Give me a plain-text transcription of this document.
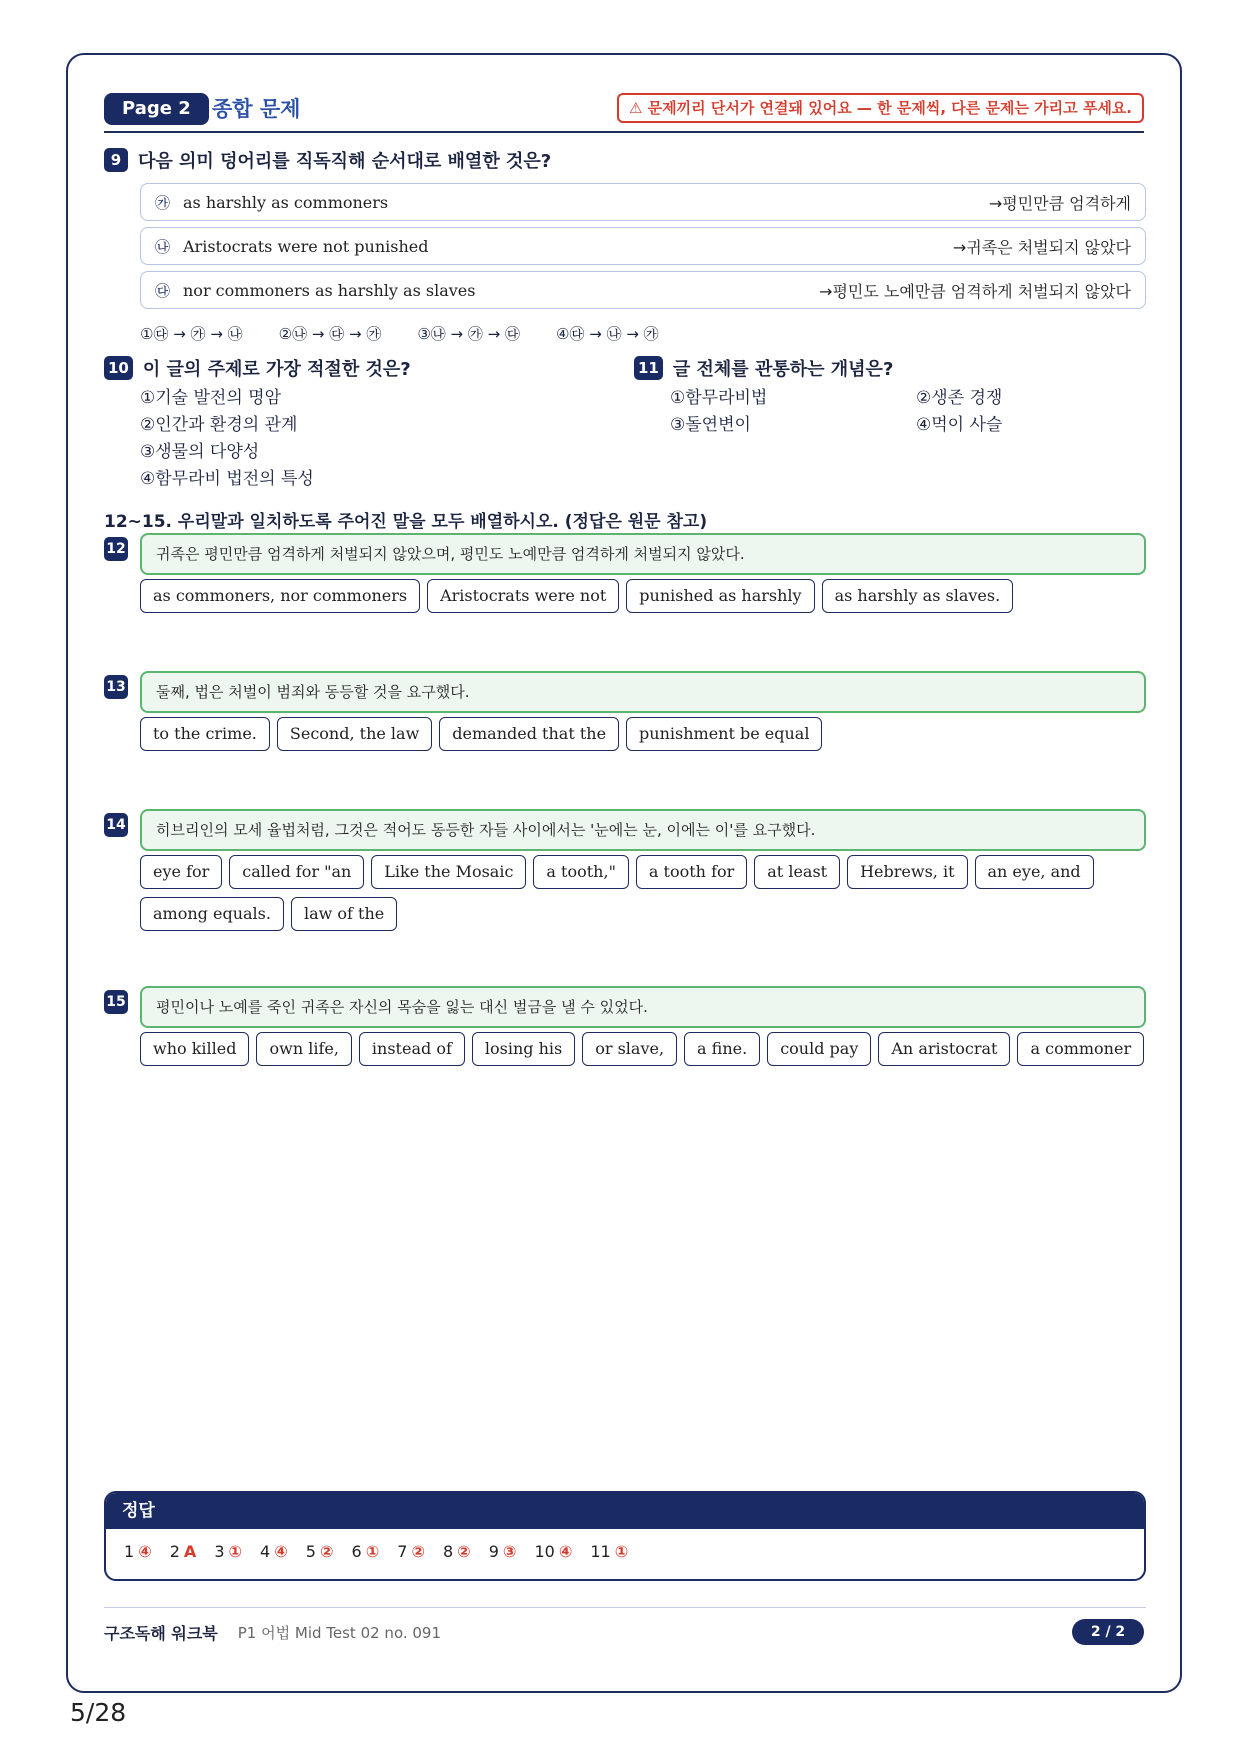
Page 2	종합 문제	⚠ 문제끼리 단서가 연결돼 있어요 — 한 문제씩, 다른 문제는 가리고 푸세요.
9 다음 의미 덩어리를 직독직해 순서대로 배열한 것은?
㉮ as harshly as commoners	→평민만큼 엄격하게
㉯ Aristocrats were not punished	→귀족은 처벌되지 않았다
㉰ nor commoners as harshly as slaves	→평민도 노예만큼 엄격하게 처벌되지 않았다
①㉰ → ㉮ → ㉯ ②㉯ → ㉰ → ㉮ ③㉯ → ㉮ → ㉰ ④㉰ → ㉯ → ㉮
10 이 글의 주제로 가장 적절한 것은?
①기술 발전의 명암
②인간과 환경의 관계
③생물의 다양성
④함무라비 법전의 특성
11 글 전체를 관통하는 개념은?
①함무라비법	②생존 경쟁
③돌연변이	④먹이 사슬
12~15. 우리말과 일치하도록 주어진 말을 모두 배열하시오. (정답은 원문 참고)
12	귀족은 평민만큼 엄격하게 처벌되지 않았으며, 평민도 노예만큼 엄격하게 처벌되지 않았다.
as commoners, nor commoners	Aristocrats were not	punished as harshly	as harshly as slaves.
13	둘째, 법은 처벌이 범죄와 동등할 것을 요구했다.
to the crime.	Second, the law	demanded that the	punishment be equal
14	히브리인의 모세 율법처럼, 그것은 적어도 동등한 자들 사이에서는 '눈에는 눈, 이에는 이'를 요구했다.
eye for	called for "an	Like the Mosaic	a tooth,"	a tooth for	at least	Hebrews, it	an eye, and
among equals.	law of the
15	평민이나 노예를 죽인 귀족은 자신의 목숨을 잃는 대신 벌금을 낼 수 있었다.
who killed	own life,	instead of	losing his	or slave,	a fine.	could pay	An aristocrat	a commoner
정답
1 ④ 2 A 3 ① 4 ④ 5 ② 6 ① 7 ② 8 ② 9 ③ 10 ④ 11 ①
구조독해 워크북 P1 어법 Mid Test 02 no. 091	2 / 2
5/28
